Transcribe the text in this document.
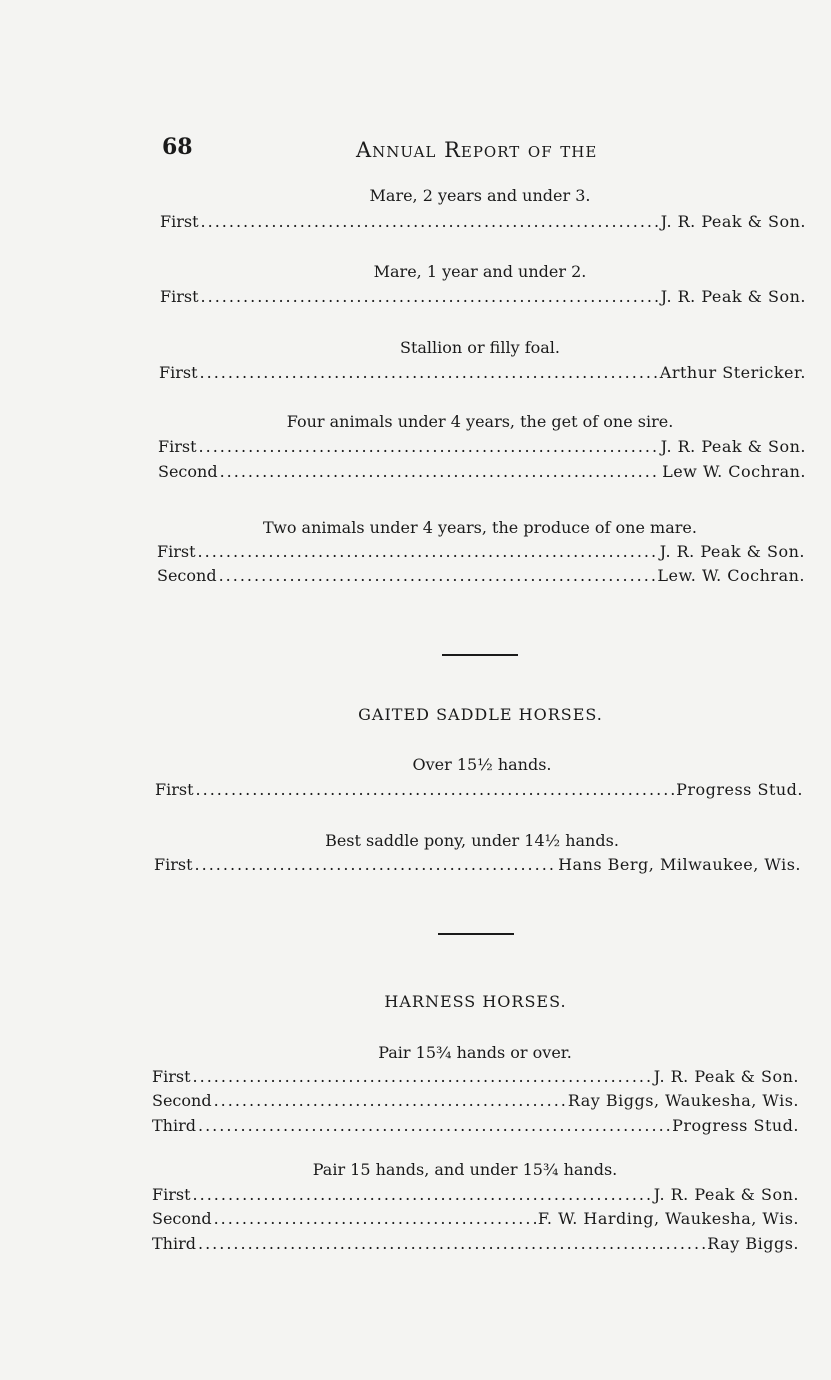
68	Annual Report of the
Mare, 2 years and under 3.
First .....	J. R. Peak & Son.
Mare, 1 year and under 2.
First .....	J. R. Peak & Son.
Stallion or filly foal.
First .....	Arthur Stericker.
Four animals under 4 years, the get of one sire.
First .....	J. R. Peak & Son.
Second .....	Lew W. Cochran.
Two animals under 4 years, the produce of one mare.
First .....	J. R. Peak & Son.
Second .....	Lew. W. Cochran.
GAITED SADDLE HORSES.
Over 15½ hands.
First .....	Progress Stud.
Best saddle pony, under 14½ hands.
First .....	Hans Berg, Milwaukee, Wis.
HARNESS HORSES.
Pair 15¾ hands or over.
First .....	J. R. Peak & Son.
Second .....	Ray Biggs, Waukesha, Wis.
Third .....	Progress Stud.
Pair 15 hands, and under 15¾ hands.
First .....	J. R. Peak & Son.
Second .....	F. W. Harding, Waukesha, Wis.
Third .....	Ray Biggs.
